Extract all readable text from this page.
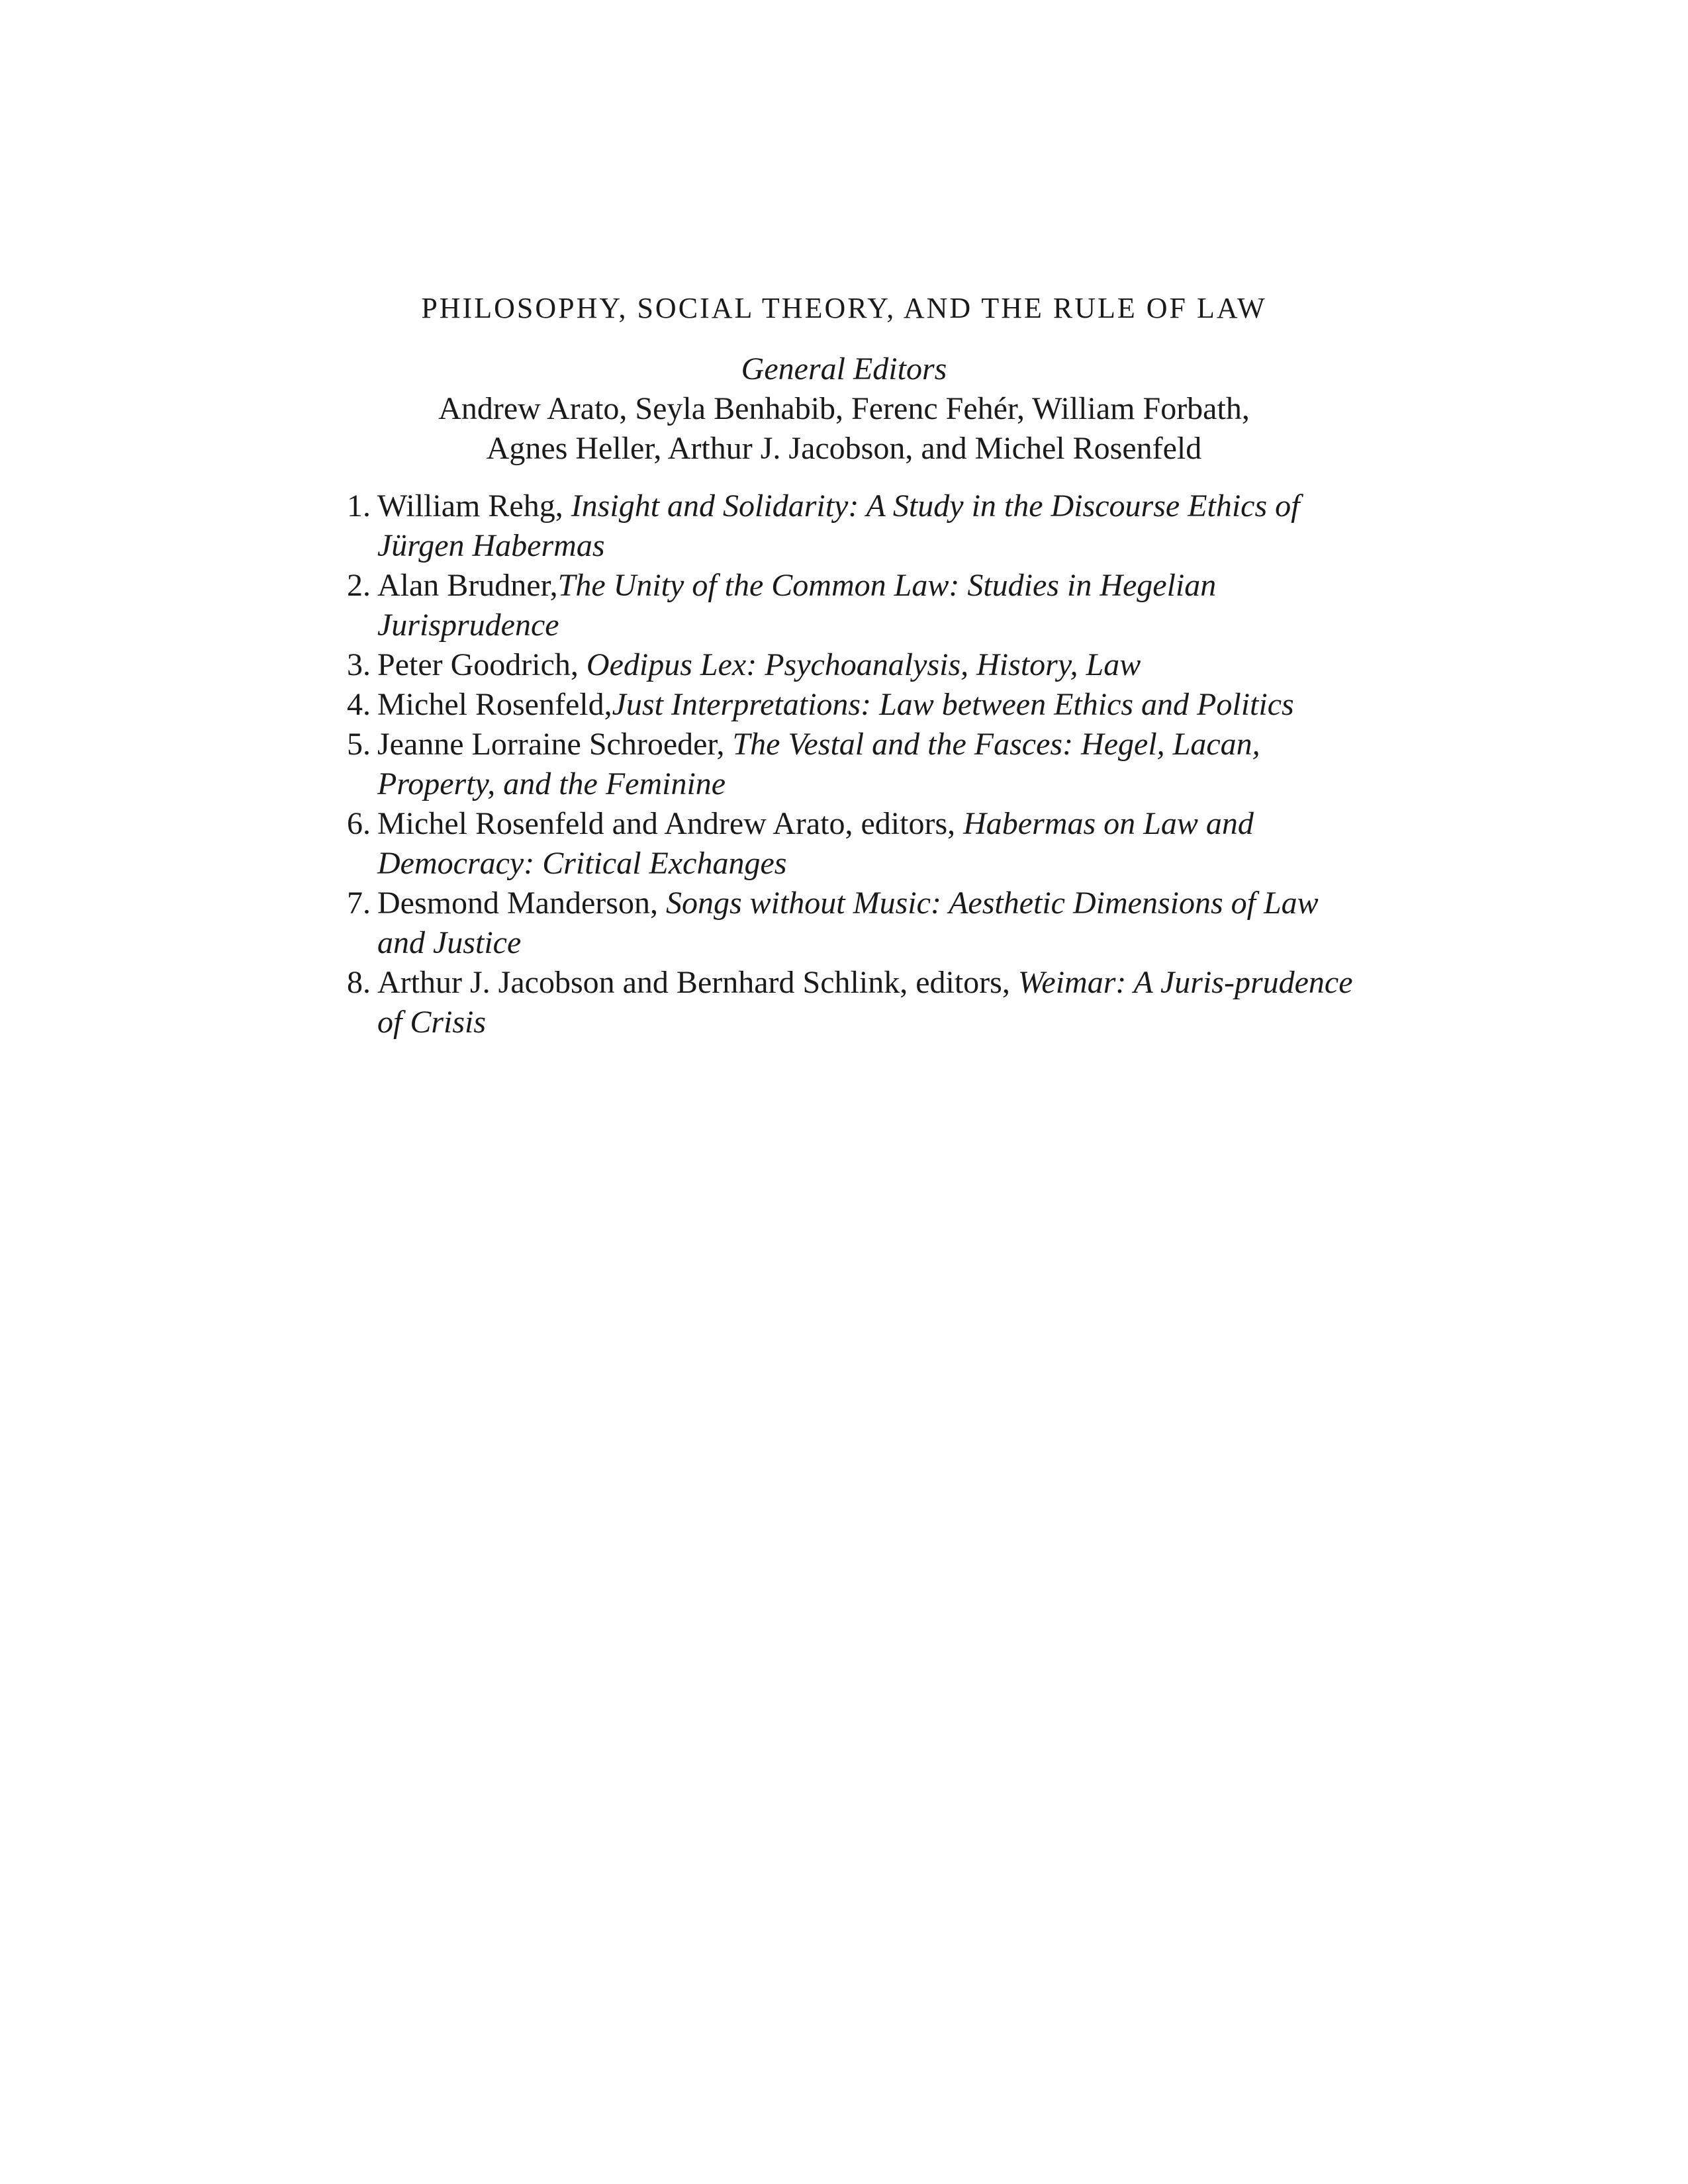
PHILOSOPHY, SOCIAL THEORY, AND THE RULE OF LAW
General Editors
Andrew Arato, Seyla Benhabib, Ferenc Fehér, William Forbath,
Agnes Heller, Arthur J. Jacobson, and Michel Rosenfeld
1. William Rehg, Insight and Solidarity: A Study in the Discourse Ethics of Jürgen Habermas
2. Alan Brudner,The Unity of the Common Law: Studies in Hegelian Jurisprudence
3. Peter Goodrich, Oedipus Lex: Psychoanalysis, History, Law
4. Michel Rosenfeld,Just Interpretations: Law between Ethics and Politics
5. Jeanne Lorraine Schroeder, The Vestal and the Fasces: Hegel, Lacan, Property, and the Feminine
6. Michel Rosenfeld and Andrew Arato, editors, Habermas on Law and Democracy: Critical Exchanges
7. Desmond Manderson, Songs without Music: Aesthetic Dimensions of Law and Justice
8. Arthur J. Jacobson and Bernhard Schlink, editors, Weimar: A Juris-prudence of Crisis
